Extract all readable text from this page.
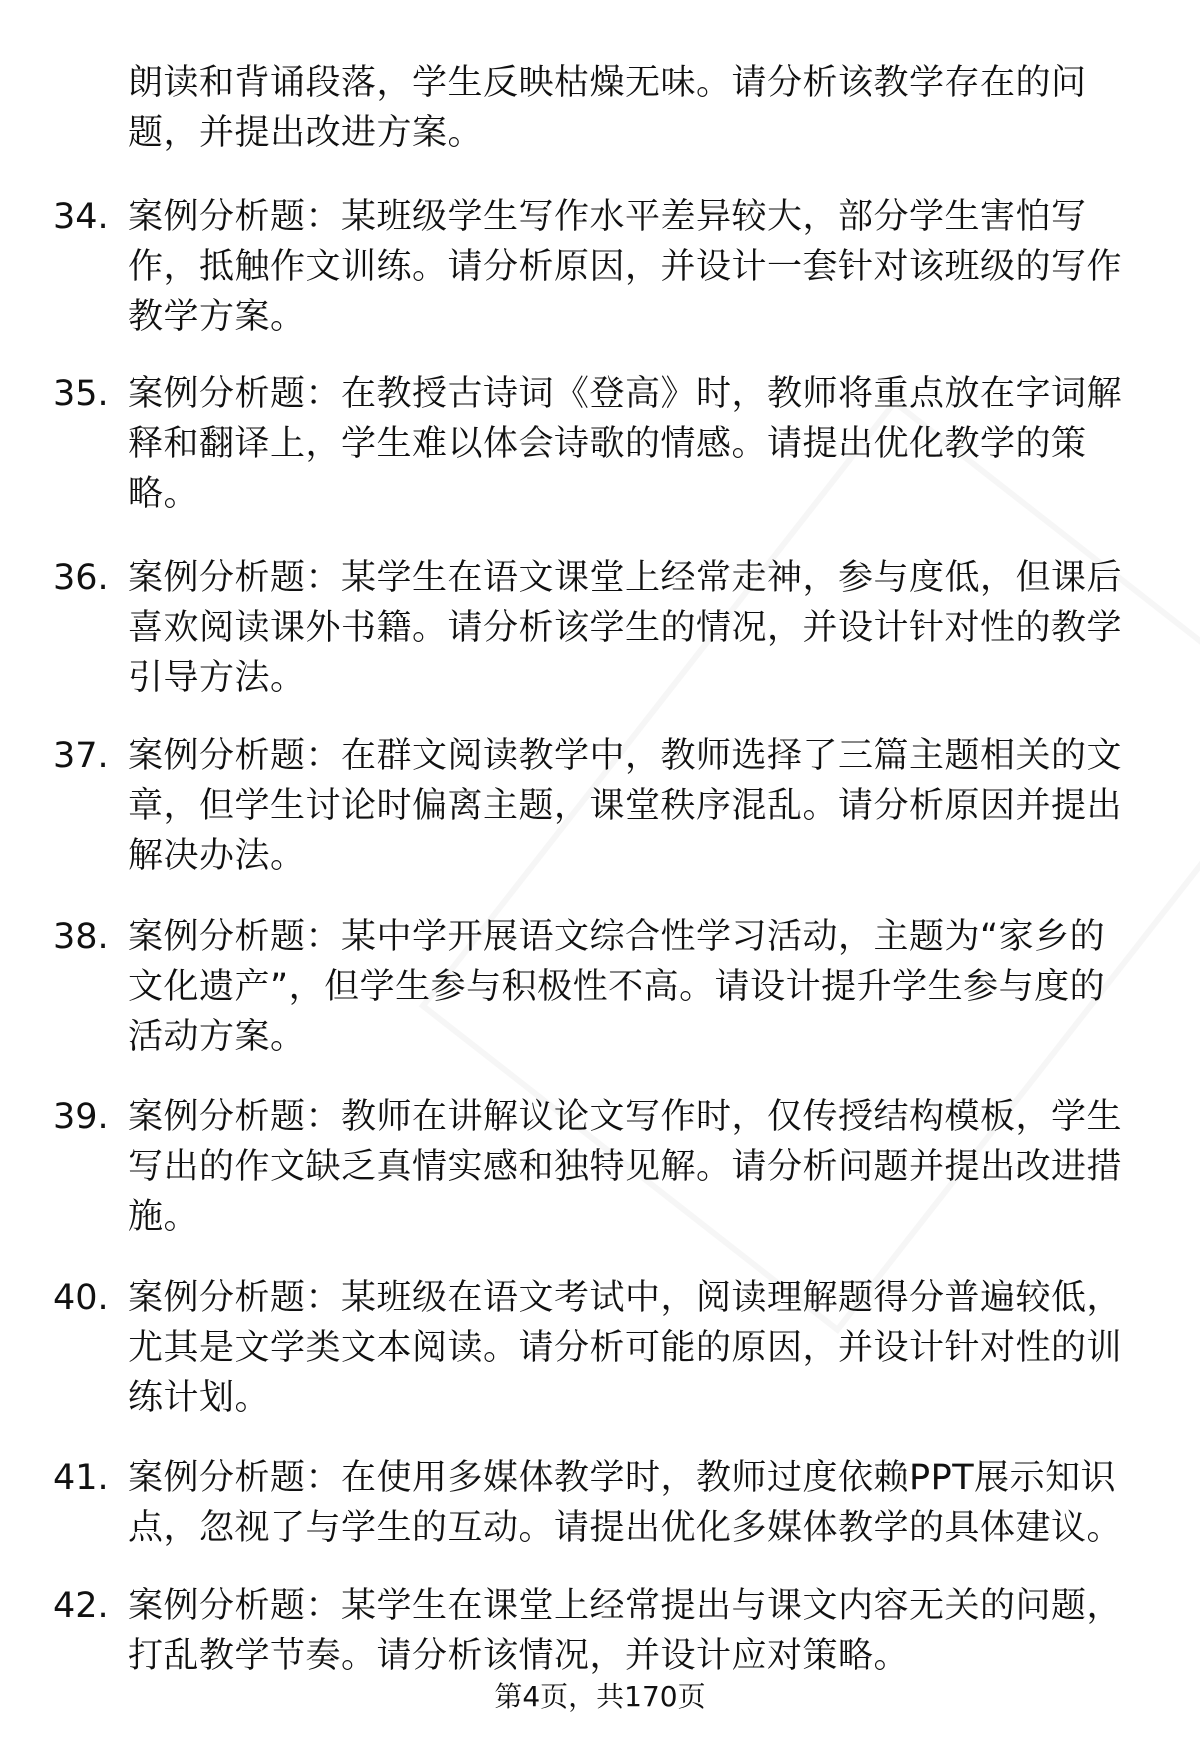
朗读和背诵段落，学生反映枯燥无味。请分析该教学存在的问
题，并提出改进方案。
34. 案例分析题：某班级学生写作水平差异较大，部分学生害怕写
作，抵触作文训练。请分析原因，并设计一套针对该班级的写作
教学方案。
35. 案例分析题：在教授古诗词《登高》时，教师将重点放在字词解
释和翻译上，学生难以体会诗歌的情感。请提出优化教学的策
略。
36. 案例分析题：某学生在语文课堂上经常走神，参与度低，但课后
喜欢阅读课外书籍。请分析该学生的情况，并设计针对性的教学
引导方法。
37. 案例分析题：在群文阅读教学中，教师选择了三篇主题相关的文
章，但学生讨论时偏离主题，课堂秩序混乱。请分析原因并提出
解决办法。
38. 案例分析题：某中学开展语文综合性学习活动，主题为“家乡的
文化遗产”，但学生参与积极性不高。请设计提升学生参与度的
活动方案。
39. 案例分析题：教师在讲解议论文写作时，仅传授结构模板，学生
写出的作文缺乏真情实感和独特见解。请分析问题并提出改进措
施。
40. 案例分析题：某班级在语文考试中，阅读理解题得分普遍较低，
尤其是文学类文本阅读。请分析可能的原因，并设计针对性的训
练计划。
41. 案例分析题：在使用多媒体教学时，教师过度依赖PPT展示知识
点，忽视了与学生的互动。请提出优化多媒体教学的具体建议。
42. 案例分析题：某学生在课堂上经常提出与课文内容无关的问题，
打乱教学节奏。请分析该情况，并设计应对策略。
第4页，共170页
